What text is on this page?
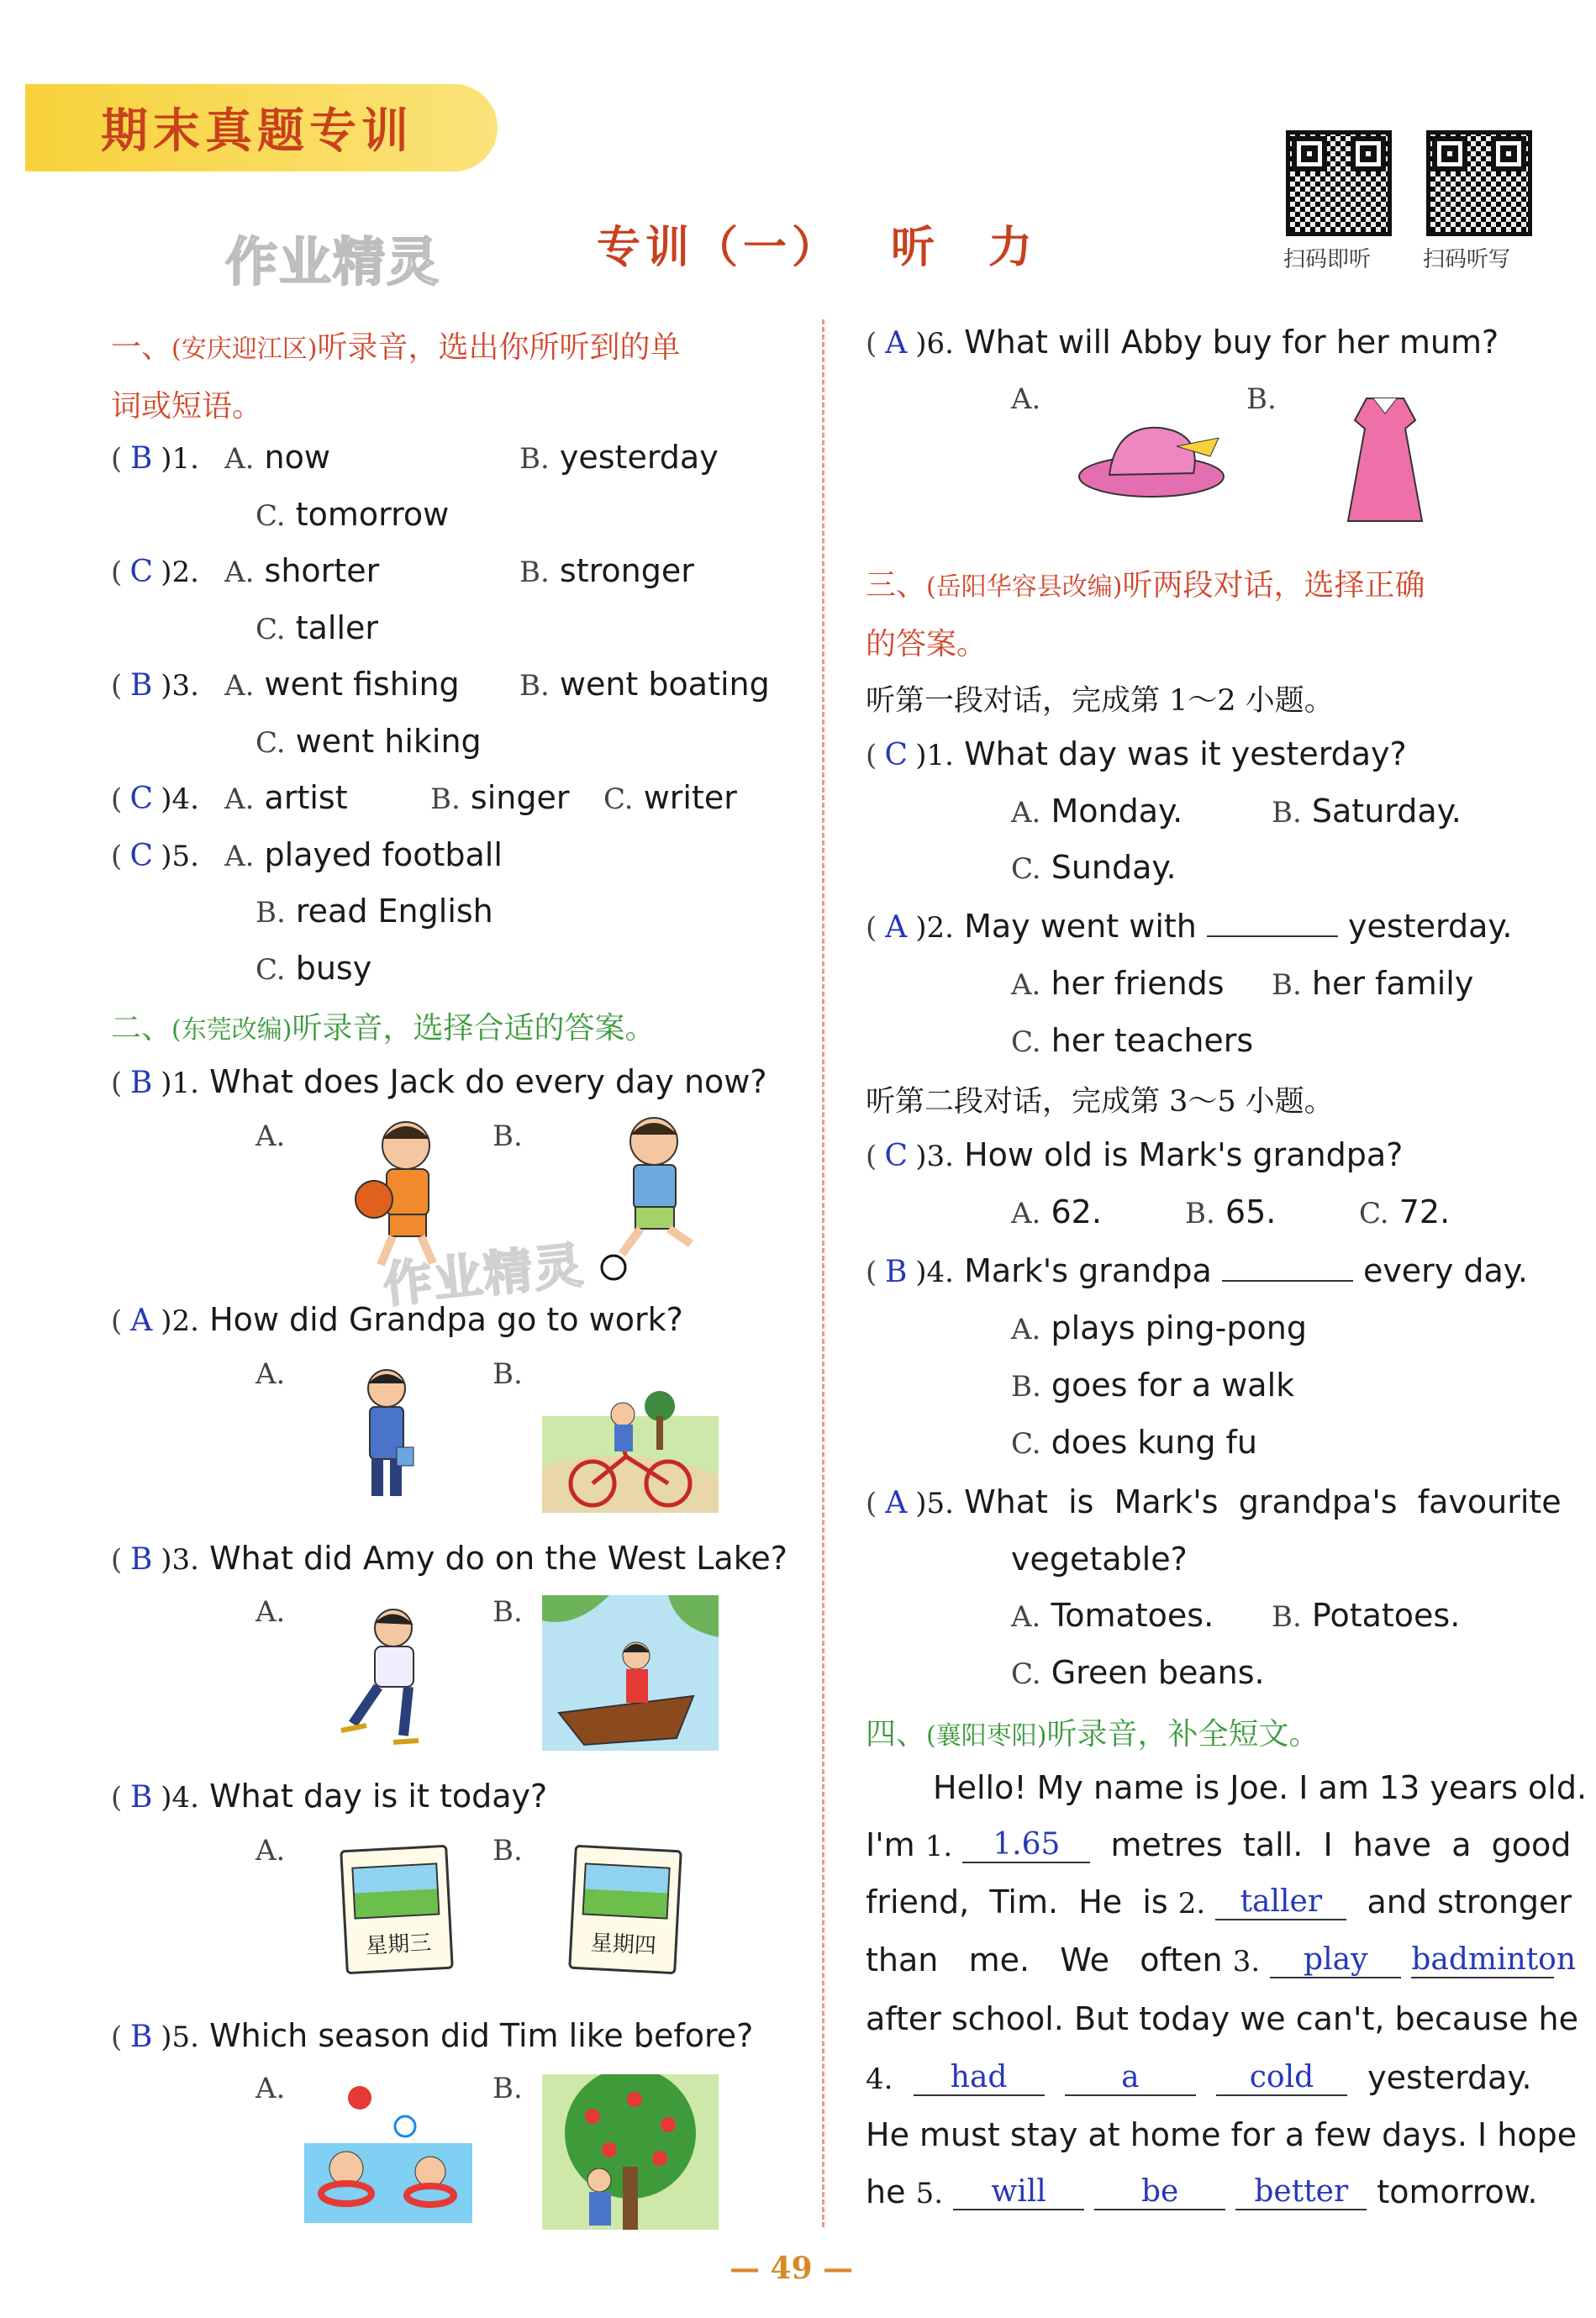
期末真题专训
作业精灵	专训（一） 听　力	扫码即听 扫码听写
一、(安庆迎江区)听录音，选出你所听到的单
词或短语。
( B )1. A. now	B. yesterday
C. tomorrow
( C )2. A. shorter	B. stronger
C. taller
( B )3. A. went fishing B. went boating
C. went hiking
( C )4. A. artist	B. singer C. writer
( C )5. A. played football
B. read English
C. busy
二、(东莞改编)听录音，选择合适的答案。
( B )1. What does Jack do every day now?
A.	B.
作业精灵
( A )2. How did Grandpa go to work?
A.	B.
( B )3. What did Amy do on the West Lake?
A.	B.
( B )4. What day is it today?
A.	B.
星期三	星期四
( B )5. Which season did Tim like before?
A.	B.
( A )6. What will Abby buy for her mum?
A.	B.
三、(岳阳华容县改编)听两段对话，选择正确
的答案。
听第一段对话，完成第 1～2 小题。
( C )1. What day was it yesterday?
A. Monday.	B. Saturday.
C. Sunday.
( A )2. May went with	yesterday.
A. her friends B. her family
C. her teachers
听第二段对话，完成第 3～5 小题。
( C )3. How old is Mark's grandpa?
A. 62.	B. 65.	C. 72.
( B )4. Mark's grandpa	every day.
A. plays ping-pong
B. goes for a walk
C. does kung fu
( A )5. What  is  Mark's  grandpa's  favourite
vegetable?
A. Tomatoes. B. Potatoes.
C. Green beans.
四、(襄阳枣阳)听录音，补全短文。
Hello! My name is Joe. I am 13 years old.
I'm 1. 1.65 metres  tall.  I  have  a  good
friend,  Tim.  He  is 2. taller and stronger
than   me.   We   often 3. play badminton
after school. But today we can't, because he
4. had	a	cold yesterday.
He must stay at home for a few days. I hope
he 5. will	be	better tomorrow.
— 49 —
